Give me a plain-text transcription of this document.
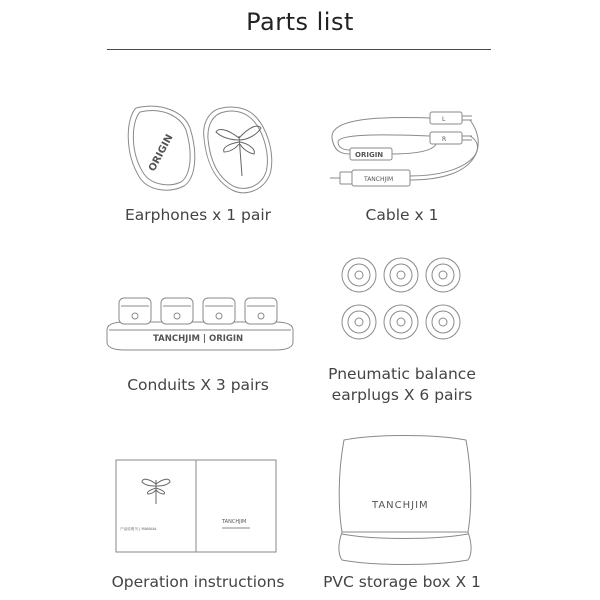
Parts list
ORIGIN
Earphones x 1 pair
L
R
ORIGIN
TANCHJIM
Cable x 1
TANCHJIM | ORIGIN
Conduits X 3 pairs
Pneumatic balance
earplugs X 6 pairs
产品说明书 | MANUAL
TANCHJIM
Operation instructions
TANCHJIM
PVC storage box X 1
